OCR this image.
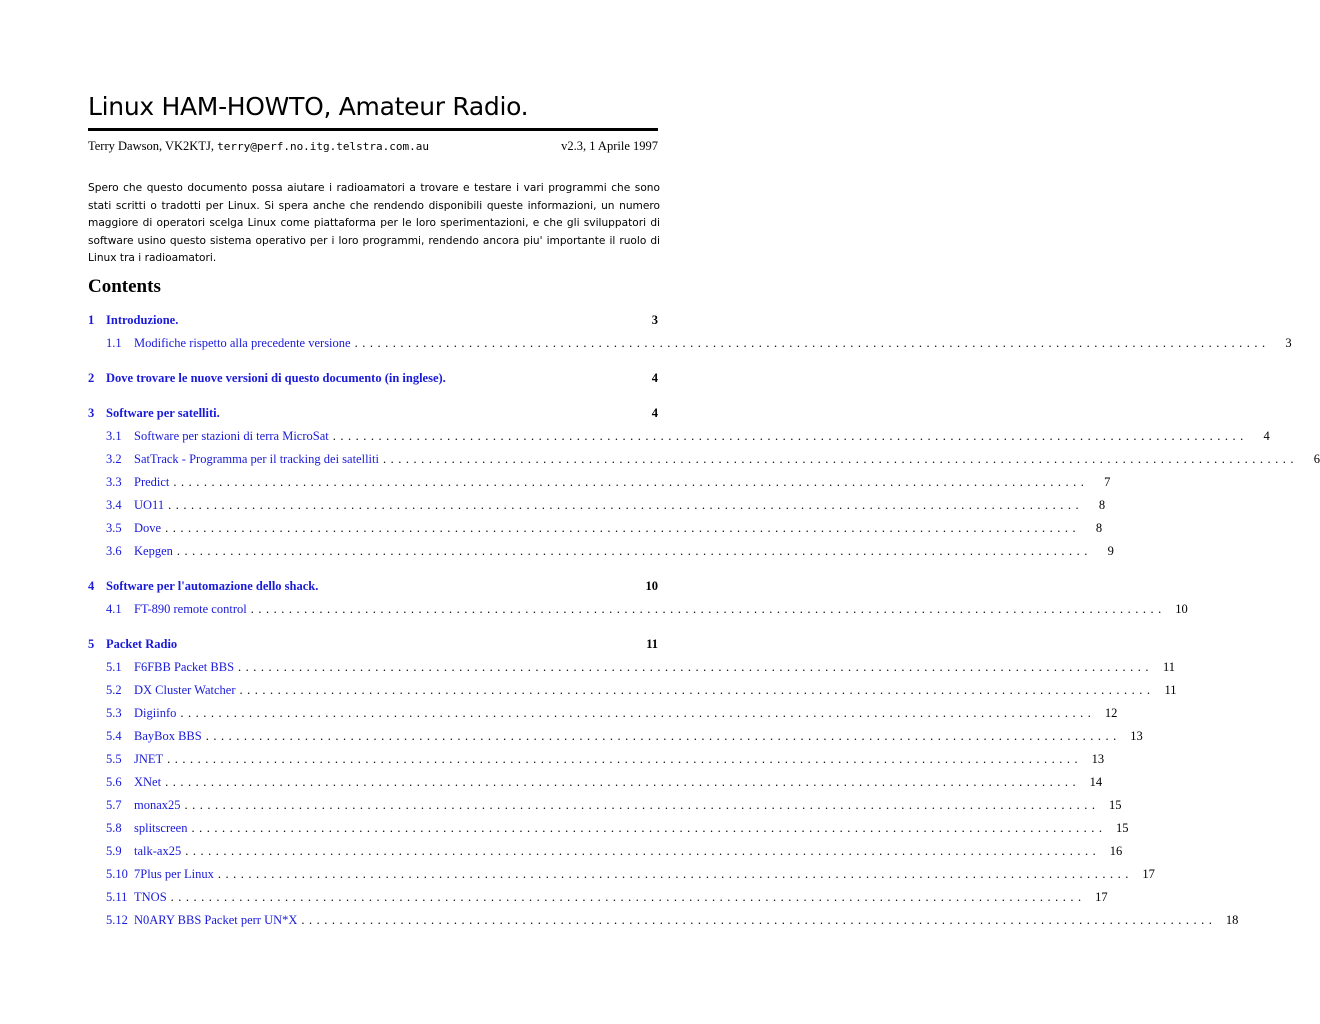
Linux HAM-HOWTO, Amateur Radio.
Terry Dawson, VK2KTJ, terry@perf.no.itg.telstra.com.au	v2.3, 1 Aprile 1997

Spero che questo documento possa aiutare i radioamatori a trovare e testare i vari programmi che sono stati scritti o tradotti per Linux. Si spera anche che rendendo disponibili queste informazioni, un numero maggiore di operatori scelga Linux come piattaforma per le loro sperimentazioni, e che gli sviluppatori di software usino questo sistema operativo per i loro programmi, rendendo ancora piu' importante il ruolo di Linux tra i radioamatori.

Contents
1 Introduzione.	3
1.1 Modifiche rispetto alla precedente versione ........................................................................................................................	3
2 Dove trovare le nuove versioni di questo documento (in inglese).	4
3 Software per satelliti.	4
3.1 Software per stazioni di terra MicroSat ........................................................................................................................	4
3.2 SatTrack - Programma per il tracking dei satelliti ........................................................................................................................	6
3.3 Predict ........................................................................................................................	7
3.4 UO11 ........................................................................................................................	8
3.5 Dove ........................................................................................................................	8
3.6 Kepgen ........................................................................................................................	9
4 Software per l'automazione dello shack.	10
4.1 FT-890 remote control ........................................................................................................................ 10
5 Packet Radio	11
5.1 F6FBB Packet BBS ........................................................................................................................ 11
5.2 DX Cluster Watcher ........................................................................................................................ 11
5.3 Digiinfo ........................................................................................................................ 12
5.4 BayBox BBS ........................................................................................................................ 13
5.5 JNET ........................................................................................................................ 13
5.6 XNet ........................................................................................................................ 14
5.7 monax25 ........................................................................................................................ 15
5.8 splitscreen ........................................................................................................................ 15
5.9 talk-ax25 ........................................................................................................................ 16
5.10 7Plus per Linux ........................................................................................................................ 17
5.11 TNOS ........................................................................................................................ 17
5.12 N0ARY BBS Packet perr UN*X ........................................................................................................................ 18
